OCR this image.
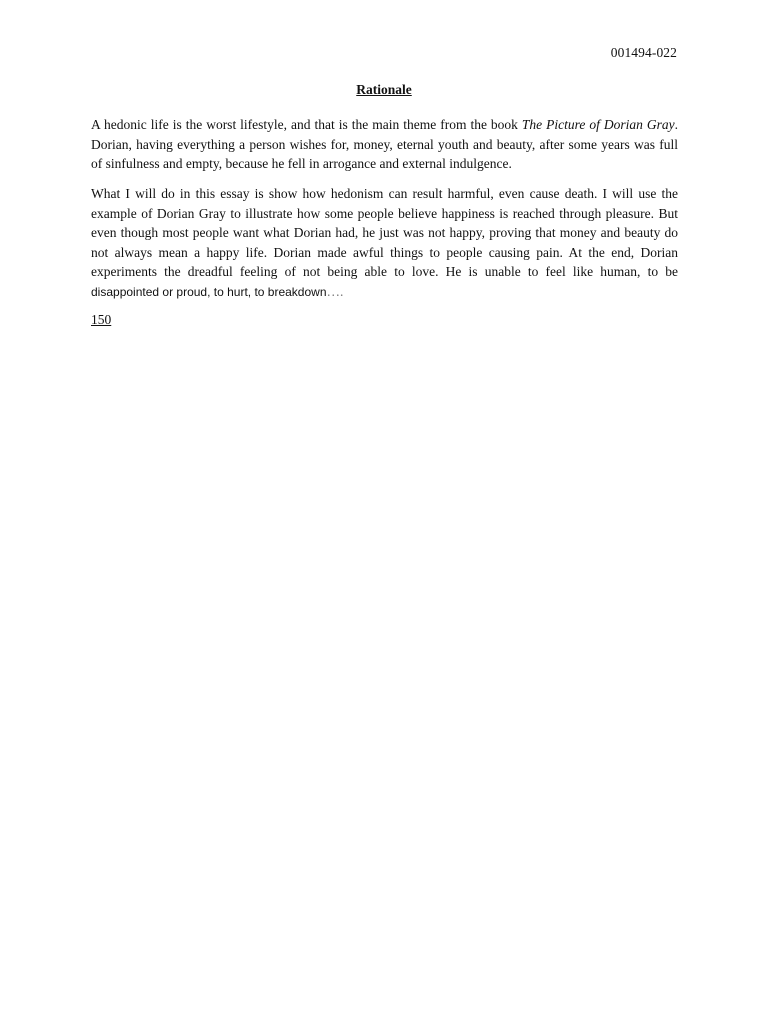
001494-022
Rationale

A hedonic life is the worst lifestyle, and that is the main theme from the book The Picture of Dorian Gray. Dorian, having everything a person wishes for, money, eternal youth and beauty, after some years was full of sinfulness and empty, because he fell in arrogance and external indulgence.

What I will do in this essay is show how hedonism can result harmful, even cause death. I will use the example of Dorian Gray to illustrate how some people believe happiness is reached through pleasure. But even though most people want what Dorian had, he just was not happy, proving that money and beauty do not always mean a happy life. Dorian made awful things to people causing pain. At the end, Dorian experiments the dreadful feeling of not being able to love. He is unable to feel like human, to be disappointed or proud, to hurt, to breakdown….

150
